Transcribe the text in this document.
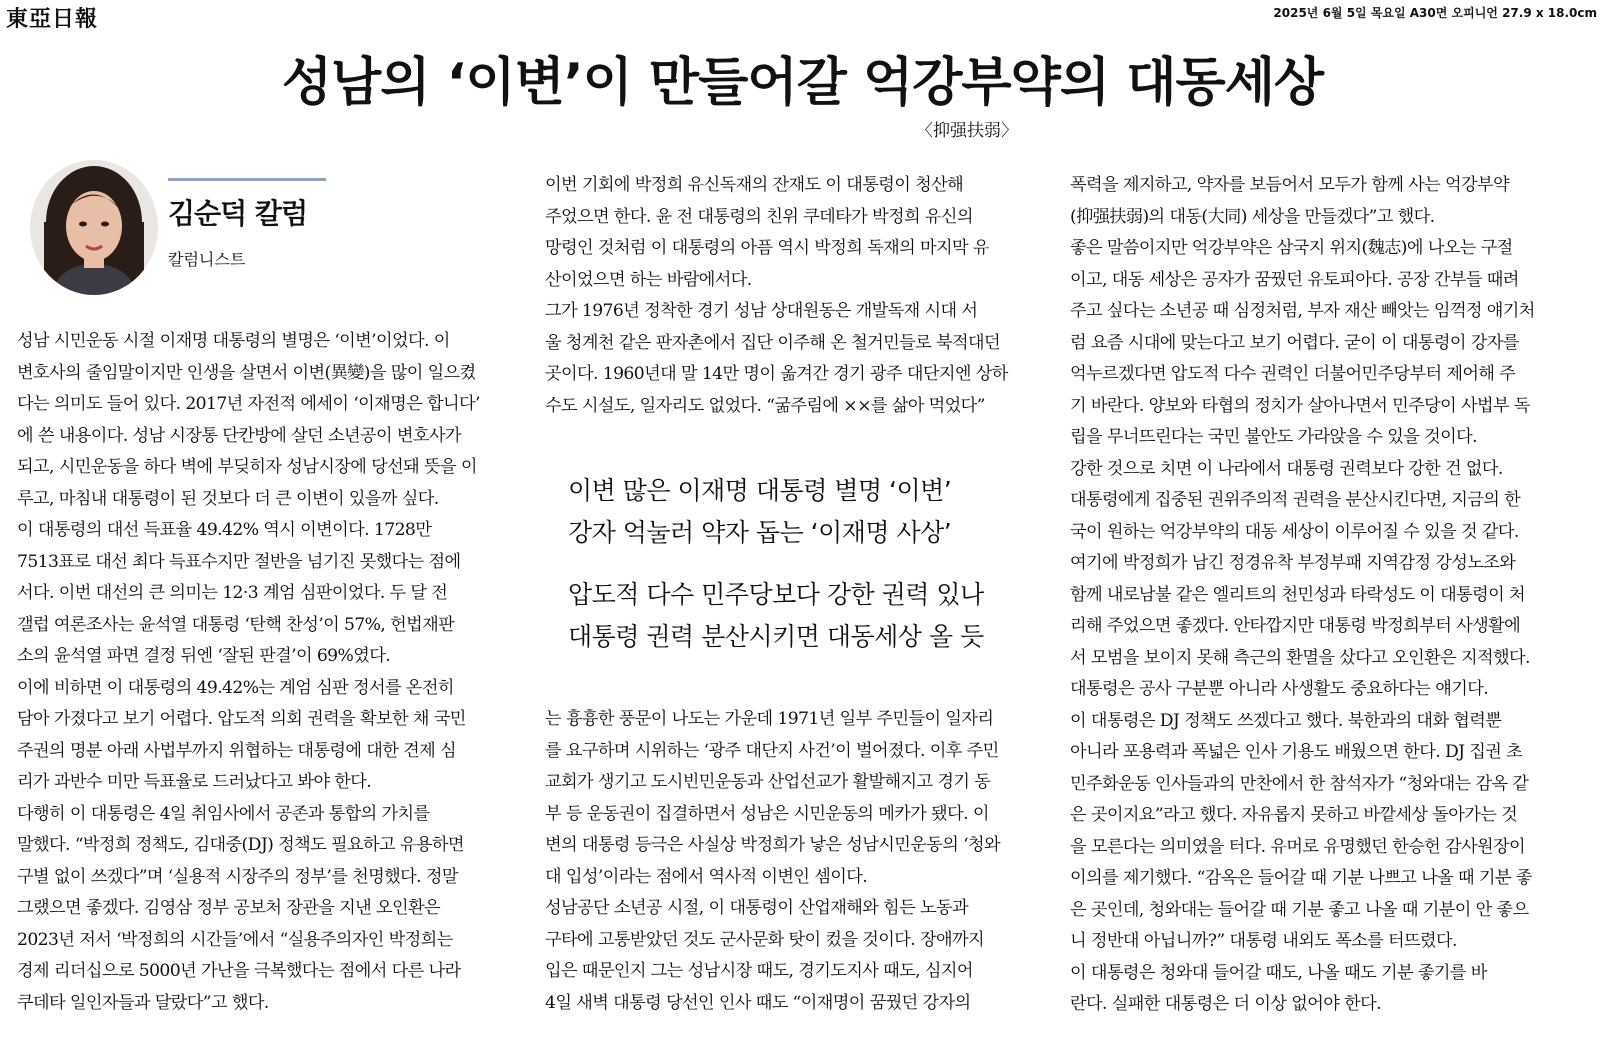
東亞日報	2025년 6월 5일 목요일 A30면 오피니언 27.9 x 18.0cm
성남의 ‘이변’이 만들어갈 억강부약의 대동세상
〈抑强扶弱〉
김순덕 칼럼
칼럼니스트

성남 시민운동 시절 이재명 대통령의 별명은 ‘이변’이었다. 이

변호사의 줄임말이지만 인생을 살면서 이변(異變)을 많이 일으켰

다는 의미도 들어 있다. 2017년 자전적 에세이 ‘이재명은 합니다’

에 쓴 내용이다. 성남 시장통 단칸방에 살던 소년공이 변호사가

되고, 시민운동을 하다 벽에 부딪히자 성남시장에 당선돼 뜻을 이

루고, 마침내 대통령이 된 것보다 더 큰 이변이 있을까 싶다.

이 대통령의 대선 득표율 49.42% 역시 이변이다. 1728만

7513표로 대선 최다 득표수지만 절반을 넘기진 못했다는 점에

서다. 이번 대선의 큰 의미는 12·3 계엄 심판이었다. 두 달 전

갤럽 여론조사는 윤석열 대통령 ‘탄핵 찬성’이 57%, 헌법재판

소의 윤석열 파면 결정 뒤엔 ‘잘된 판결’이 69%였다.

이에 비하면 이 대통령의 49.42%는 계엄 심판 정서를 온전히

담아 가졌다고 보기 어렵다. 압도적 의회 권력을 확보한 채 국민

주권의 명분 아래 사법부까지 위협하는 대통령에 대한 견제 심

리가 과반수 미만 득표율로 드러났다고 봐야 한다.

다행히 이 대통령은 4일 취임사에서 공존과 통합의 가치를

말했다. “박정희 정책도, 김대중(DJ) 정책도 필요하고 유용하면

구별 없이 쓰겠다”며 ‘실용적 시장주의 정부’를 천명했다. 정말

그랬으면 좋겠다. 김영삼 정부 공보처 장관을 지낸 오인환은

2023년 저서 ‘박정희의 시간들’에서 “실용주의자인 박정희는

경제 리더십으로 5000년 가난을 극복했다는 점에서 다른 나라

쿠데타 일인자들과 달랐다”고 했다.

이번 기회에 박정희 유신독재의 잔재도 이 대통령이 청산해

주었으면 한다. 윤 전 대통령의 친위 쿠데타가 박정희 유신의

망령인 것처럼 이 대통령의 아픔 역시 박정희 독재의 마지막 유

산이었으면 하는 바람에서다.

그가 1976년 정착한 경기 성남 상대원동은 개발독재 시대 서

울 청계천 같은 판자촌에서 집단 이주해 온 철거민들로 북적대던

곳이다. 1960년대 말 14만 명이 옮겨간 경기 광주 대단지엔 상하

수도 시설도, 일자리도 없었다. “굶주림에 ××를 삶아 먹었다”

이변 많은 이재명 대통령 별명 ‘이변’
강자 억눌러 약자 돕는 ‘이재명 사상’
압도적 다수 민주당보다 강한 권력 있나
대통령 권력 분산시키면 대동세상 올 듯

는 흉흉한 풍문이 나도는 가운데 1971년 일부 주민들이 일자리

를 요구하며 시위하는 ‘광주 대단지 사건’이 벌어졌다. 이후 주민

교회가 생기고 도시빈민운동과 산업선교가 활발해지고 경기 동

부 등 운동권이 집결하면서 성남은 시민운동의 메카가 됐다. 이

변의 대통령 등극은 사실상 박정희가 낳은 성남시민운동의 ‘청와

대 입성’이라는 점에서 역사적 이변인 셈이다.

성남공단 소년공 시절, 이 대통령이 산업재해와 힘든 노동과

구타에 고통받았던 것도 군사문화 탓이 컸을 것이다. 장애까지

입은 때문인지 그는 성남시장 때도, 경기도지사 때도, 심지어

4일 새벽 대통령 당선인 인사 때도 “이재명이 꿈꿨던 강자의

폭력을 제지하고, 약자를 보듬어서 모두가 함께 사는 억강부약

(抑强扶弱)의 대동(大同) 세상을 만들겠다”고 했다.

좋은 말씀이지만 억강부약은 삼국지 위지(魏志)에 나오는 구절

이고, 대동 세상은 공자가 꿈꿨던 유토피아다. 공장 간부들 때려

주고 싶다는 소년공 때 심정처럼, 부자 재산 빼앗는 임꺽정 얘기처

럼 요즘 시대에 맞는다고 보기 어렵다. 굳이 이 대통령이 강자를

억누르겠다면 압도적 다수 권력인 더불어민주당부터 제어해 주

기 바란다. 양보와 타협의 정치가 살아나면서 민주당이 사법부 독

립을 무너뜨린다는 국민 불안도 가라앉을 수 있을 것이다.

강한 것으로 치면 이 나라에서 대통령 권력보다 강한 건 없다.

대통령에게 집중된 권위주의적 권력을 분산시킨다면, 지금의 한

국이 원하는 억강부약의 대동 세상이 이루어질 수 있을 것 같다.

여기에 박정희가 남긴 정경유착 부정부패 지역감정 강성노조와

함께 내로남불 같은 엘리트의 천민성과 타락성도 이 대통령이 처

리해 주었으면 좋겠다. 안타깝지만 대통령 박정희부터 사생활에

서 모범을 보이지 못해 측근의 환멸을 샀다고 오인환은 지적했다.

대통령은 공사 구분뿐 아니라 사생활도 중요하다는 얘기다.

이 대통령은 DJ 정책도 쓰겠다고 했다. 북한과의 대화 협력뿐

아니라 포용력과 폭넓은 인사 기용도 배웠으면 한다. DJ 집권 초

민주화운동 인사들과의 만찬에서 한 참석자가 “청와대는 감옥 같

은 곳이지요”라고 했다. 자유롭지 못하고 바깥세상 돌아가는 것

을 모른다는 의미였을 터다. 유머로 유명했던 한승헌 감사원장이

이의를 제기했다. “감옥은 들어갈 때 기분 나쁘고 나올 때 기분 좋

은 곳인데, 청와대는 들어갈 때 기분 좋고 나올 때 기분이 안 좋으

니 정반대 아닙니까?” 대통령 내외도 폭소를 터뜨렸다.

이 대통령은 청와대 들어갈 때도, 나올 때도 기분 좋기를 바

란다. 실패한 대통령은 더 이상 없어야 한다.
